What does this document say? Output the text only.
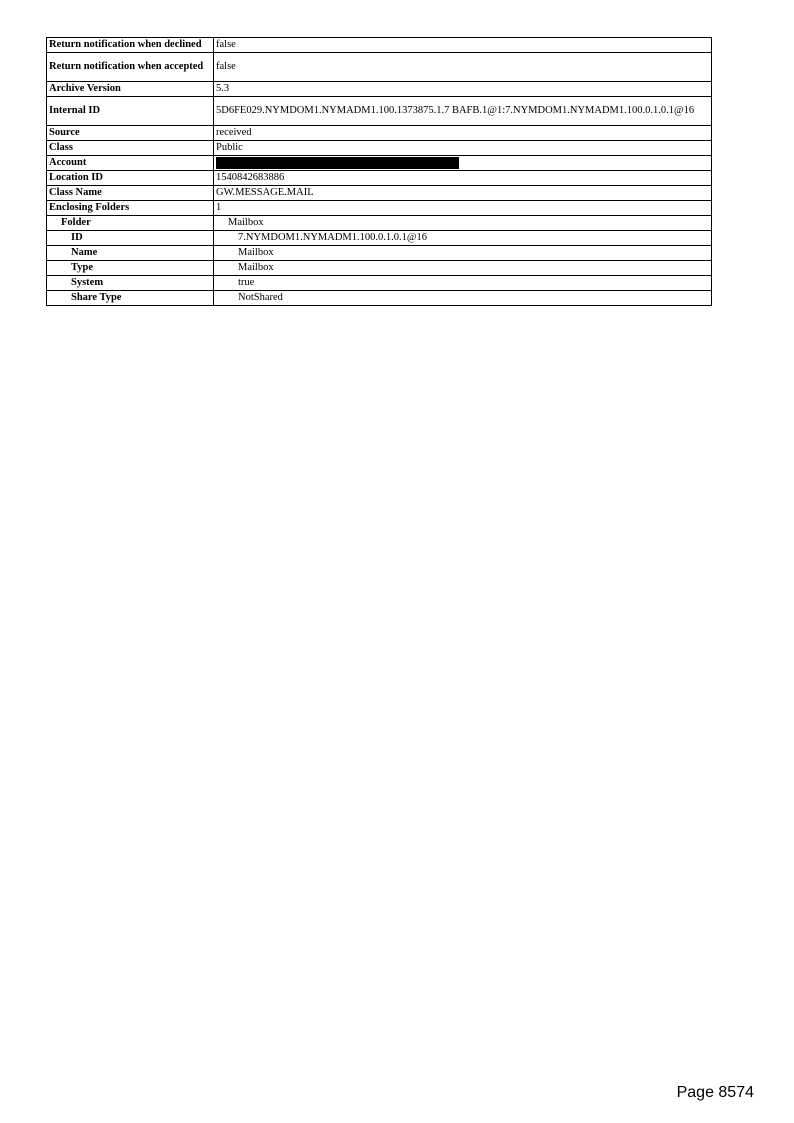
Return notification when declined	false
Return notification when accepted	false
Archive Version	5.3
Internal ID	5D6FE029.NYMDOM1.NYMADM1.100.1373875.1.7 BAFB.1@1:7.NYMDOM1.NYMADM1.100.0.1.0.1@16
Source	received
Class	Public
Account	

Location ID	1540842683886
Class Name	GW.MESSAGE.MAIL
Enclosing Folders	1
Folder	Mailbox
ID	7.NYMDOM1.NYMADM1.100.0.1.0.1@16
Name	Mailbox
Type	Mailbox
System	true
Share Type	NotShared
Page 8574
